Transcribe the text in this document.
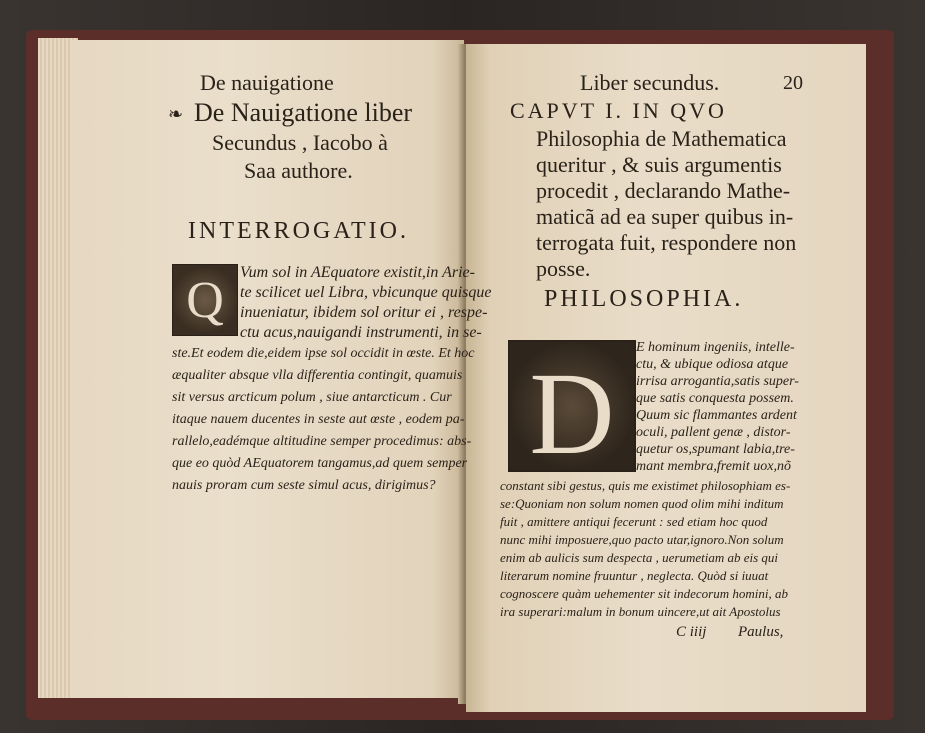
De nauigatione
❧ De Nauigatione liber
Secundus , Iacobo à
Saa authore.
INTERROGATIO.
Q	Vum sol in AEquatore existit,in Arie-
te scilicet uel Libra, vbicunque quisque
inueniatur, ibidem sol oritur ei , respe-
ctu acus,nauigandi instrumenti, in se-
ste.Et eodem die,eidem ipse sol occidit in œste. Et hoc
æqualiter absque vlla differentia contingit, quamuis
sit versus arcticum polum , siue antarcticum . Cur
itaque nauem ducentes in seste aut œste , eodem pa-
rallelo,eadémque altitudine semper procedimus: abs-
que eo quòd AEquatorem tangamus,ad quem semper
nauis proram cum seste simul acus, dirigimus?
Liber secundus.	20
CAPVT I. IN QVO
Philosophia de Mathematica
queritur , & suis argumentis
procedit , declarando Mathe-
maticã ad ea super quibus in-
terrogata fuit, respondere non
posse.
PHILOSOPHIA.
D
E hominum ingeniis, intelle-
ctu, & ubique odiosa atque
irrisa arrogantia,satis super-
que satis conquesta possem.
Quum sic flammantes ardent
oculi, pallent genæ , distor-
quetur os,spumant labia,tre-
mant membra,fremit uox,nõ
constant sibi gestus, quis me existimet philosophiam es-
se:Quoniam non solum nomen quod olim mihi inditum
fuit , amittere antiqui fecerunt : sed etiam hoc quod
nunc mihi imposuere,quo pacto utar,ignoro.Non solum
enim ab aulicis sum despecta , uerumetiam ab eis qui
literarum nomine fruuntur , neglecta. Quòd si iuuat
cognoscere quàm uehementer sit indecorum homini, ab
ira superari:malum in bonum uincere,ut ait Apostolus
C iiij Paulus,
